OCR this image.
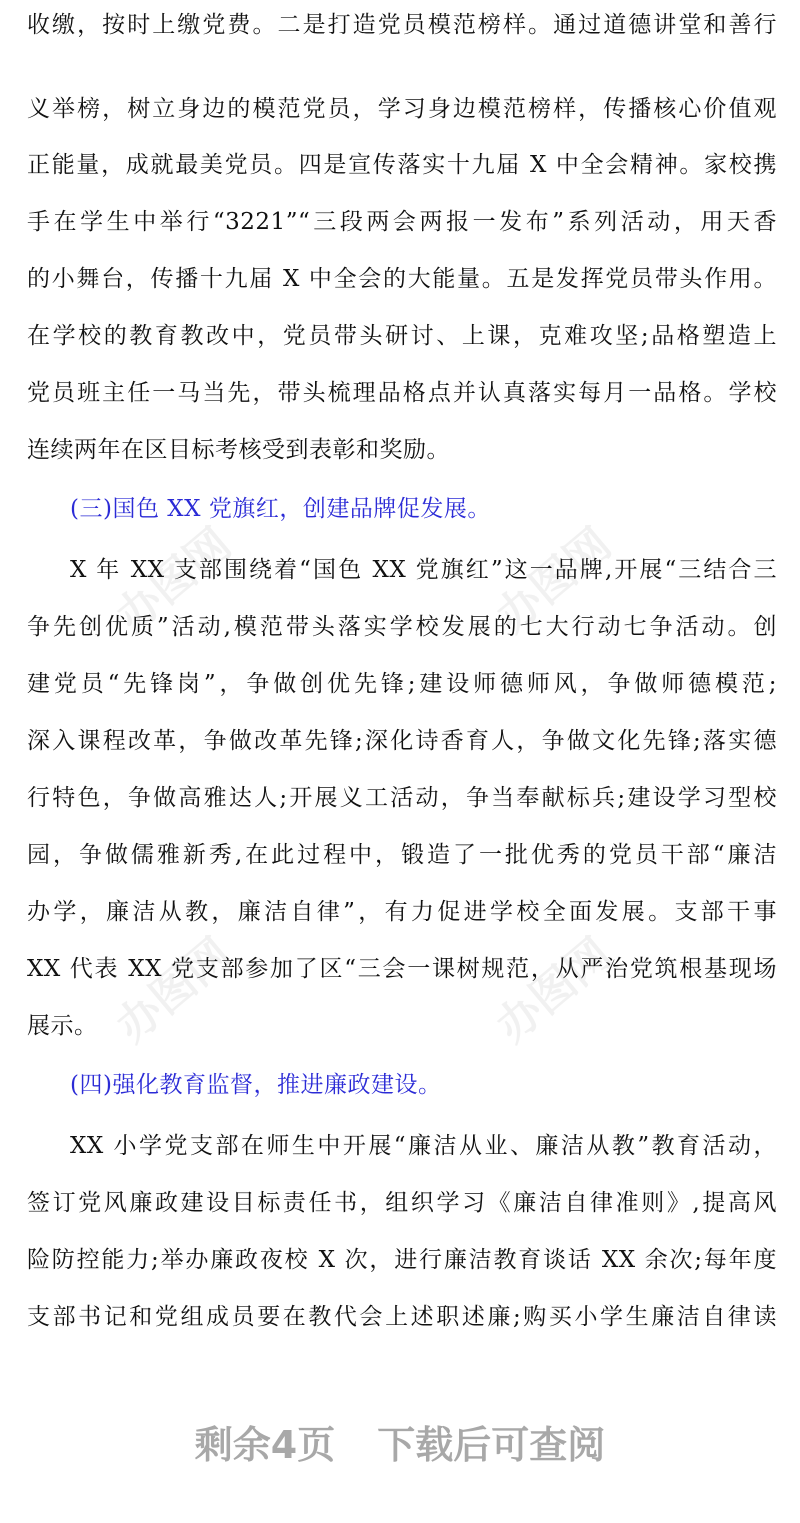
办图网	办图网
办图网	办图网
收缴，按时上缴党费。二是打造党员模范榜样。通过道德讲堂和善行
义举榜，树立身边的模范党员，学习身边模范榜样，传播核心价值观
正能量，成就最美党员。四是宣传落实十九届 X 中全会精神。家校携
手在学生中举行“3221”“三段两会两报一发布”系列活动，用天香
的小舞台，传播十九届 X 中全会的大能量。五是发挥党员带头作用。
在学校的教育教改中，党员带头研讨、上课，克难攻坚;品格塑造上
党员班主任一马当先，带头梳理品格点并认真落实每月一品格。学校
连续两年在区目标考核受到表彰和奖励。
(三)国色 XX 党旗红，创建品牌促发展。
X 年 XX 支部围绕着“国色 XX 党旗红”这一品牌,开展“三结合三
争先创优质”活动,模范带头落实学校发展的七大行动七争活动。创
建党员“先锋岗”，争做创优先锋;建设师德师风，争做师德模范;
深入课程改革，争做改革先锋;深化诗香育人，争做文化先锋;落实德
行特色，争做高雅达人;开展义工活动，争当奉献标兵;建设学习型校
园，争做儒雅新秀,在此过程中，锻造了一批优秀的党员干部“廉洁
办学，廉洁从教，廉洁自律”，有力促进学校全面发展。支部干事
XX 代表 XX 党支部参加了区“三会一课树规范，从严治党筑根基现场
展示。
(四)强化教育监督，推进廉政建设。
XX 小学党支部在师生中开展“廉洁从业、廉洁从教”教育活动，
签订党风廉政建设目标责任书，组织学习《廉洁自律准则》,提高风
险防控能力;举办廉政夜校 X 次，进行廉洁教育谈话 XX 余次;每年度
支部书记和党组成员要在教代会上述职述廉;购买小学生廉洁自律读
剩余4页 下载后可查阅
